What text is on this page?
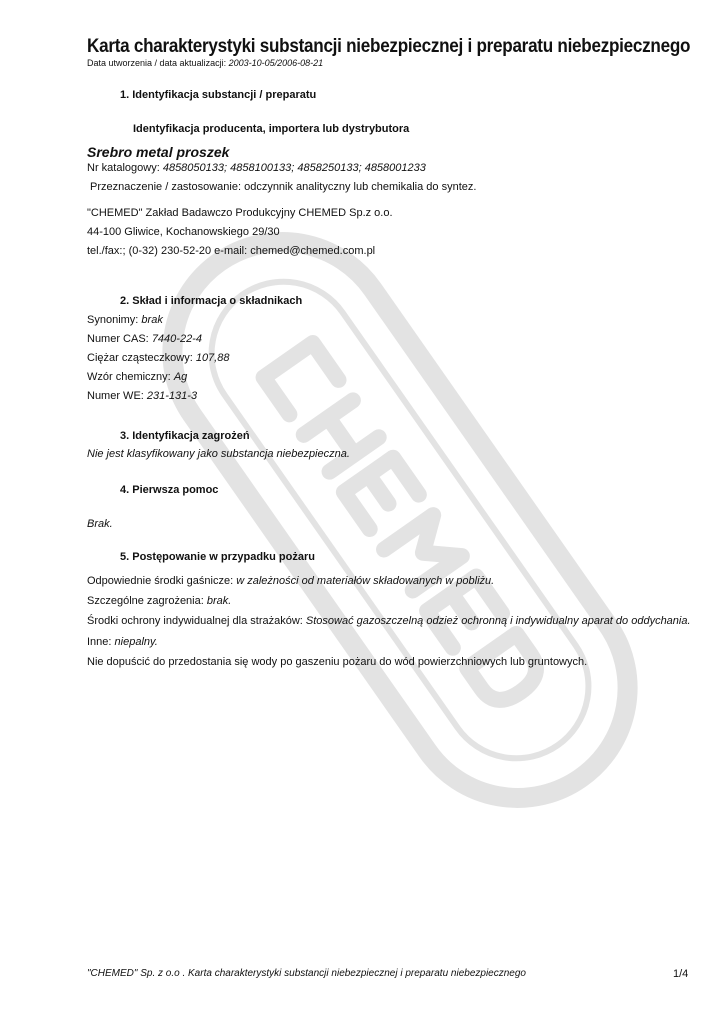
Karta charakterystyki substancji niebezpiecznej i preparatu niebezpiecznego
Data utworzenia / data aktualizacji: 2003-10-05/2006-08-21
1. Identyfikacja substancji / preparatu
Identyfikacja producenta, importera lub dystrybutora
Srebro metal proszek
Nr katalogowy: 4858050133; 4858100133; 4858250133; 4858001233
Przeznaczenie / zastosowanie: odczynnik analityczny lub chemikalia do syntez.
"CHEMED" Zakład Badawczo Produkcyjny CHEMED Sp.z o.o.
44-100 Gliwice, Kochanowskiego 29/30
tel./fax:; (0-32) 230-52-20 e-mail: chemed@chemed.com.pl
2. Skład i informacja o składnikach
Synonimy: brak
Numer CAS: 7440-22-4
Ciężar cząsteczkowy: 107,88
Wzór chemiczny: Ag
Numer WE: 231-131-3
3. Identyfikacja zagrożeń
Nie jest klasyfikowany jako substancja niebezpieczna.
4. Pierwsza pomoc
Brak.
5. Postępowanie w przypadku pożaru
Odpowiednie środki gaśnicze: w zależności od materiałów składowanych w pobliżu.
Szczególne zagrożenia: brak.
Środki ochrony indywidualnej dla strażaków: Stosować gazoszczelną odzież ochronną i indywidualny aparat do oddychania.
Inne: niepalny.
Nie dopuścić do przedostania się wody po gaszeniu pożaru do wód powierzchniowych lub gruntowych.
"CHEMED" Sp. z o.o . Karta charakterystyki substancji niebezpiecznej i preparatu niebezpiecznego	1/4
